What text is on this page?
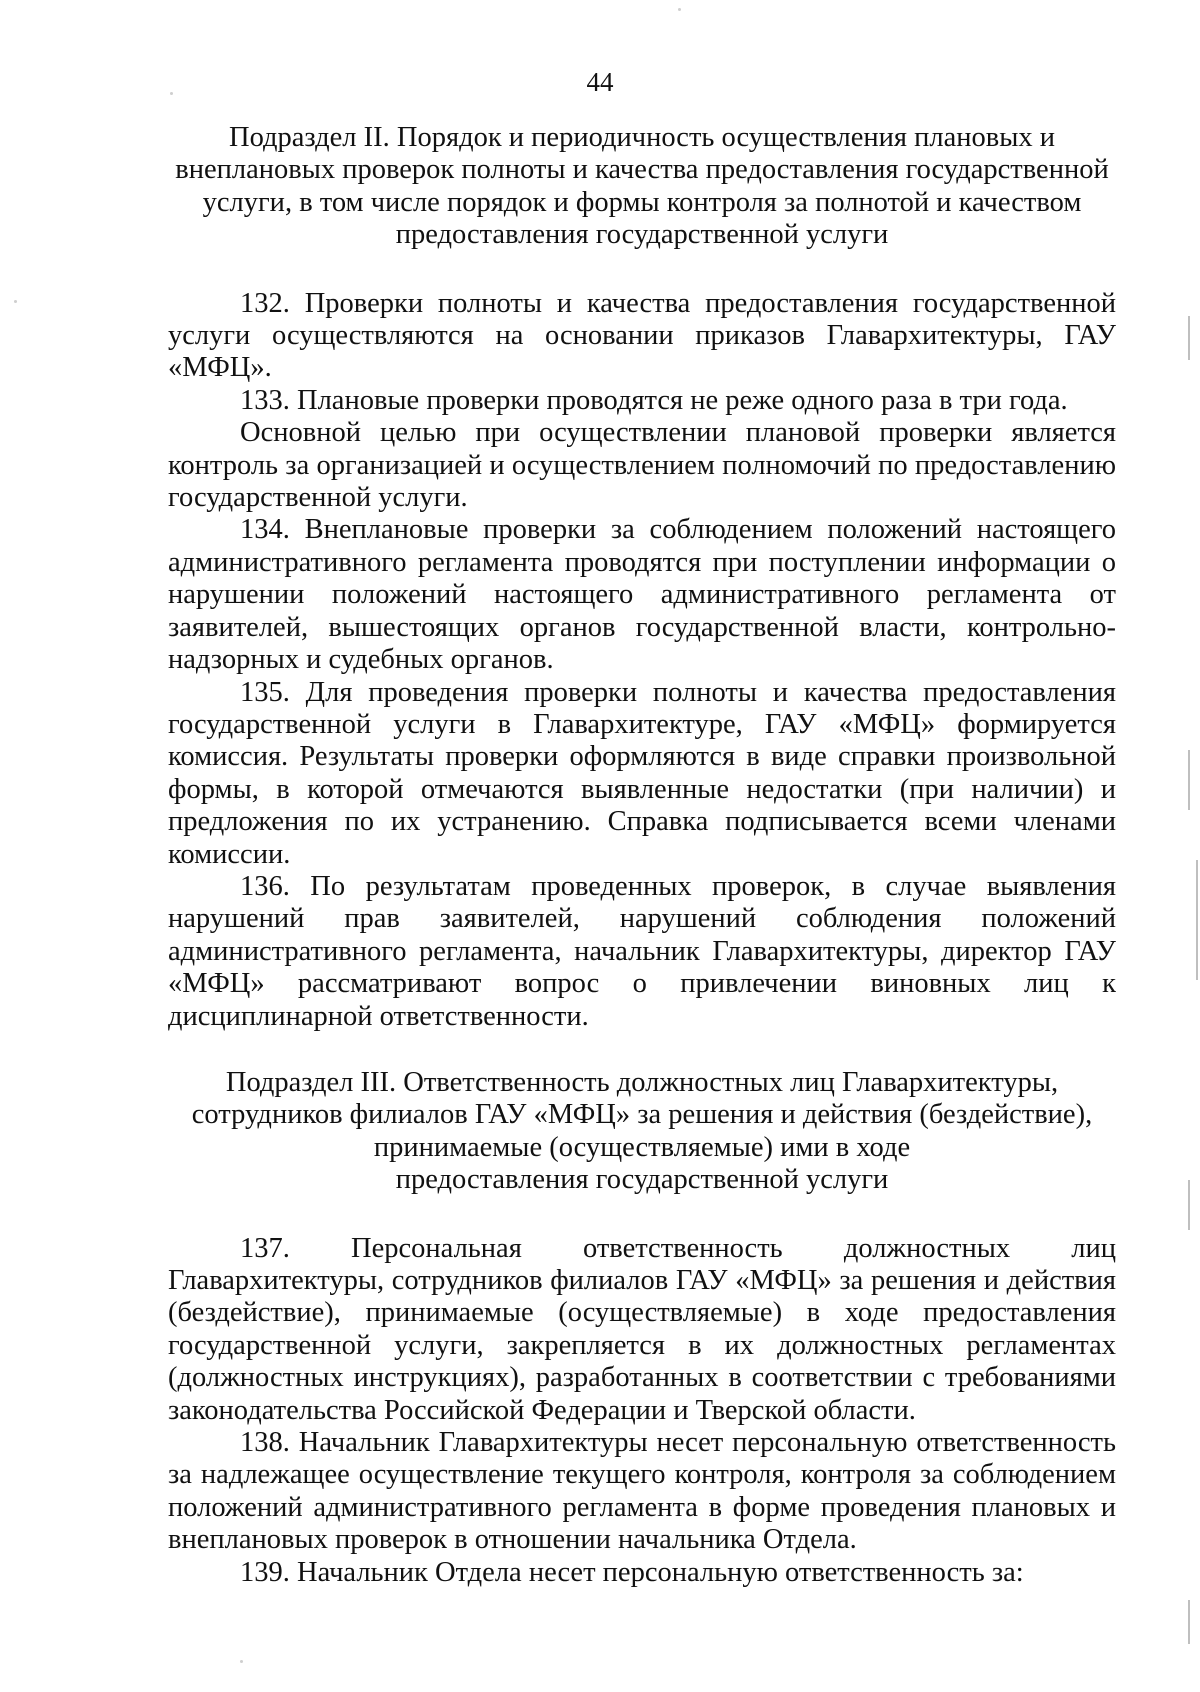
44
Подраздел II. Порядок и периодичность осуществления плановых и
внеплановых проверок полноты и качества предоставления государственной
услуги, в том числе порядок и формы контроля за полнотой и качеством
предоставления государственной услуги

132. Проверки полноты и качества предоставления государственной услуги осуществляются на основании приказов Главархитектуры, ГАУ «МФЦ».

133. Плановые проверки проводятся не реже одного раза в три года.

Основной целью при осуществлении плановой проверки является контроль за организацией и осуществлением полномочий по предоставлению государственной услуги.

134. Внеплановые проверки за соблюдением положений настоящего административного регламента проводятся при поступлении информации о нарушении положений настоящего административного регламента от заявителей, вышестоящих органов государственной власти, контрольно-надзорных и судебных органов.

135. Для проведения проверки полноты и качества предоставления государственной услуги в Главархитектуре, ГАУ «МФЦ» формируется комиссия. Результаты проверки оформляются в виде справки произвольной формы, в которой отмечаются выявленные недостатки (при наличии) и предложения по их устранению. Справка подписывается всеми членами комиссии.

136. По результатам проведенных проверок, в случае выявления нарушений прав заявителей, нарушений соблюдения положений административного регламента, начальник Главархитектуры, директор ГАУ «МФЦ» рассматривают вопрос о привлечении виновных лиц к дисциплинарной ответственности.

Подраздел III. Ответственность должностных лиц Главархитектуры,
сотрудников филиалов ГАУ «МФЦ» за решения и действия (бездействие),
принимаемые (осуществляемые) ими в ходе
предоставления государственной услуги

137. Персональная ответственность должностных лиц Главархитектуры, сотрудников филиалов ГАУ «МФЦ» за решения и действия (бездействие), принимаемые (осуществляемые) в ходе предоставления государственной услуги, закрепляется в их должностных регламентах (должностных инструкциях), разработанных в соответствии с требованиями законодательства Российской Федерации и Тверской области.

138. Начальник Главархитектуры несет персональную ответственность за надлежащее осуществление текущего контроля, контроля за соблюдением положений административного регламента в форме проведения плановых и внеплановых проверок в отношении начальника Отдела.

139. Начальник Отдела несет персональную ответственность за:
